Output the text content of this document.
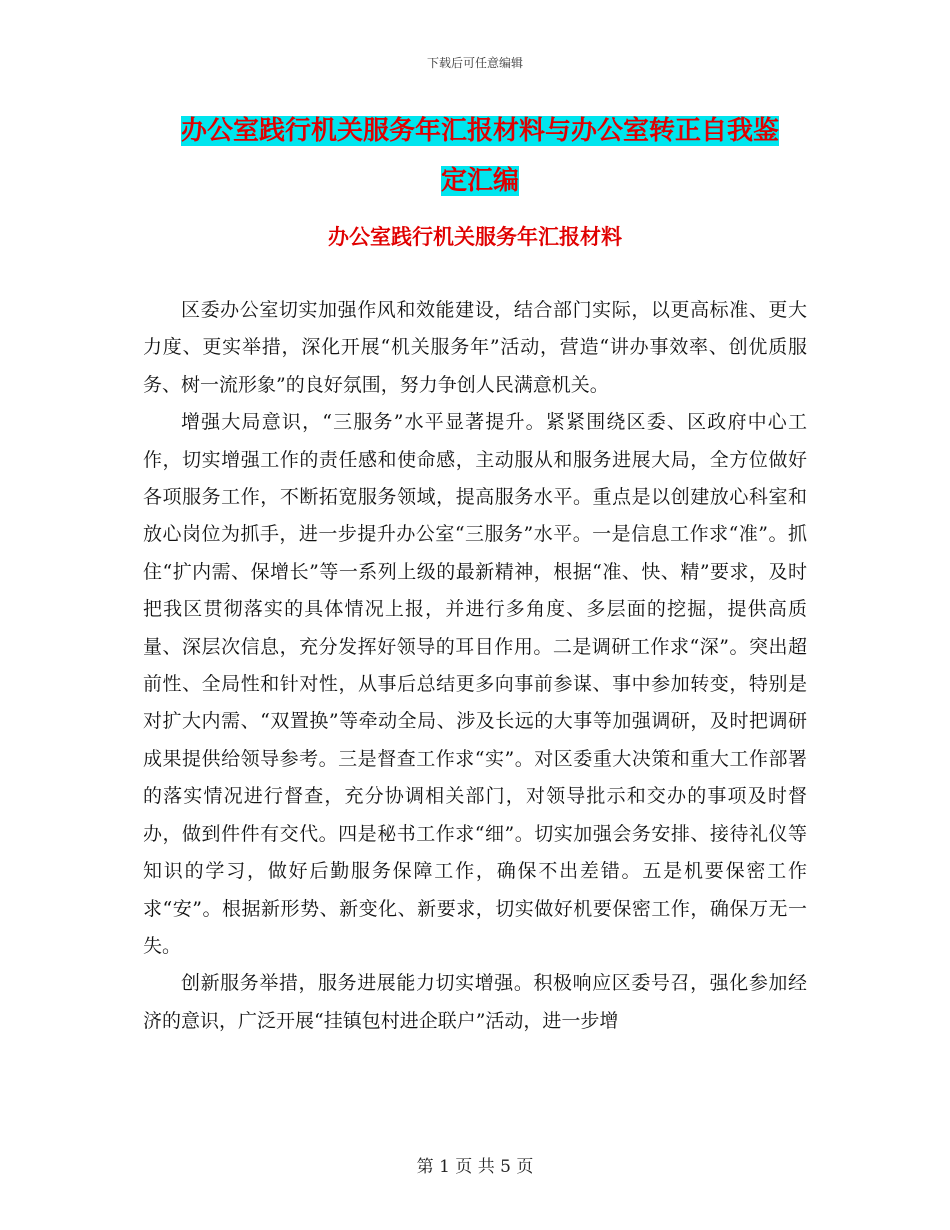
下载后可任意编辑
办公室践行机关服务年汇报材料与办公室转正自我鉴
定汇编
办公室践行机关服务年汇报材料

区委办公室切实加强作风和效能建设，结合部门实际，以更高标准、更大力度、更实举措，深化开展“机关服务年”活动，营造“讲办事效率、创优质服务、树一流形象”的良好氛围，努力争创人民满意机关。

增强大局意识，“三服务”水平显著提升。紧紧围绕区委、区政府中心工作，切实增强工作的责任感和使命感，主动服从和服务进展大局，全方位做好各项服务工作，不断拓宽服务领域，提高服务水平。重点是以创建放心科室和放心岗位为抓手，进一步提升办公室“三服务”水平。一是信息工作求“准”。抓住“扩内需、保增长”等一系列上级的最新精神，根据“准、快、精”要求，及时把我区贯彻落实的具体情况上报，并进行多角度、多层面的挖掘，提供高质量、深层次信息，充分发挥好领导的耳目作用。二是调研工作求“深”。突出超前性、全局性和针对性，从事后总结更多向事前参谋、事中参加转变，特别是对扩大内需、“双置换”等牵动全局、涉及长远的大事等加强调研，及时把调研成果提供给领导参考。三是督查工作求“实”。对区委重大决策和重大工作部署的落实情况进行督查，充分协调相关部门，对领导批示和交办的事项及时督办，做到件件有交代。四是秘书工作求“细”。切实加强会务安排、接待礼仪等知识的学习，做好后勤服务保障工作，确保不出差错。五是机要保密工作求“安”。根据新形势、新变化、新要求，切实做好机要保密工作，确保万无一失。

创新服务举措，服务进展能力切实增强。积极响应区委号召，强化参加经济的意识，广泛开展“挂镇包村进企联户”活动，进一步增

第 1 页 共 5 页
